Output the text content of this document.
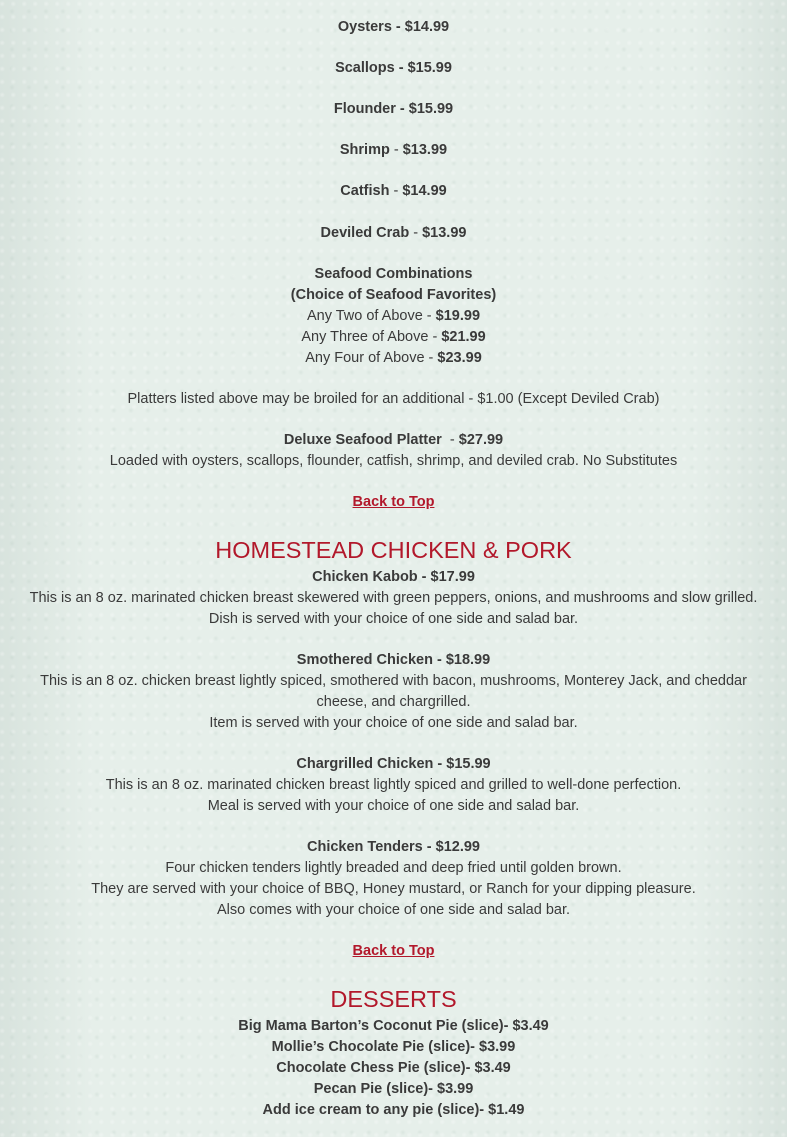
Oysters - $14.99

Scallops - $15.99

Flounder - $15.99

Shrimp - $13.99

Catfish - $14.99

Deviled Crab - $13.99

Seafood Combinations

(Choice of Seafood Favorites)

Any Two of Above - $19.99

Any Three of Above - $21.99

Any Four of Above - $23.99

Platters listed above may be broiled for an additional - $1.00 (Except Deviled Crab)

Deluxe Seafood Platter  - $27.99

Loaded with oysters, scallops, flounder, catfish, shrimp, and deviled crab. No Substitutes

Back to Top

HOMESTEAD CHICKEN & PORK

Chicken Kabob - $17.99

This is an 8 oz. marinated chicken breast skewered with green peppers, onions, and mushrooms and slow grilled.

Dish is served with your choice of one side and salad bar.

Smothered Chicken - $18.99

This is an 8 oz. chicken breast lightly spiced, smothered with bacon, mushrooms, Monterey Jack, and cheddar

cheese, and chargrilled.

Item is served with your choice of one side and salad bar.

Chargrilled Chicken - $15.99

This is an 8 oz. marinated chicken breast lightly spiced and grilled to well-done perfection.

Meal is served with your choice of one side and salad bar.

Chicken Tenders - $12.99

Four chicken tenders lightly breaded and deep fried until golden brown.

They are served with your choice of BBQ, Honey mustard, or Ranch for your dipping pleasure.

Also comes with your choice of one side and salad bar.

Back to Top

DESSERTS

Big Mama Barton’s Coconut Pie (slice)- $3.49

Mollie’s Chocolate Pie (slice)- $3.99

Chocolate Chess Pie (slice)- $3.49

Pecan Pie (slice)- $3.99

Add ice cream to any pie (slice)- $1.49
